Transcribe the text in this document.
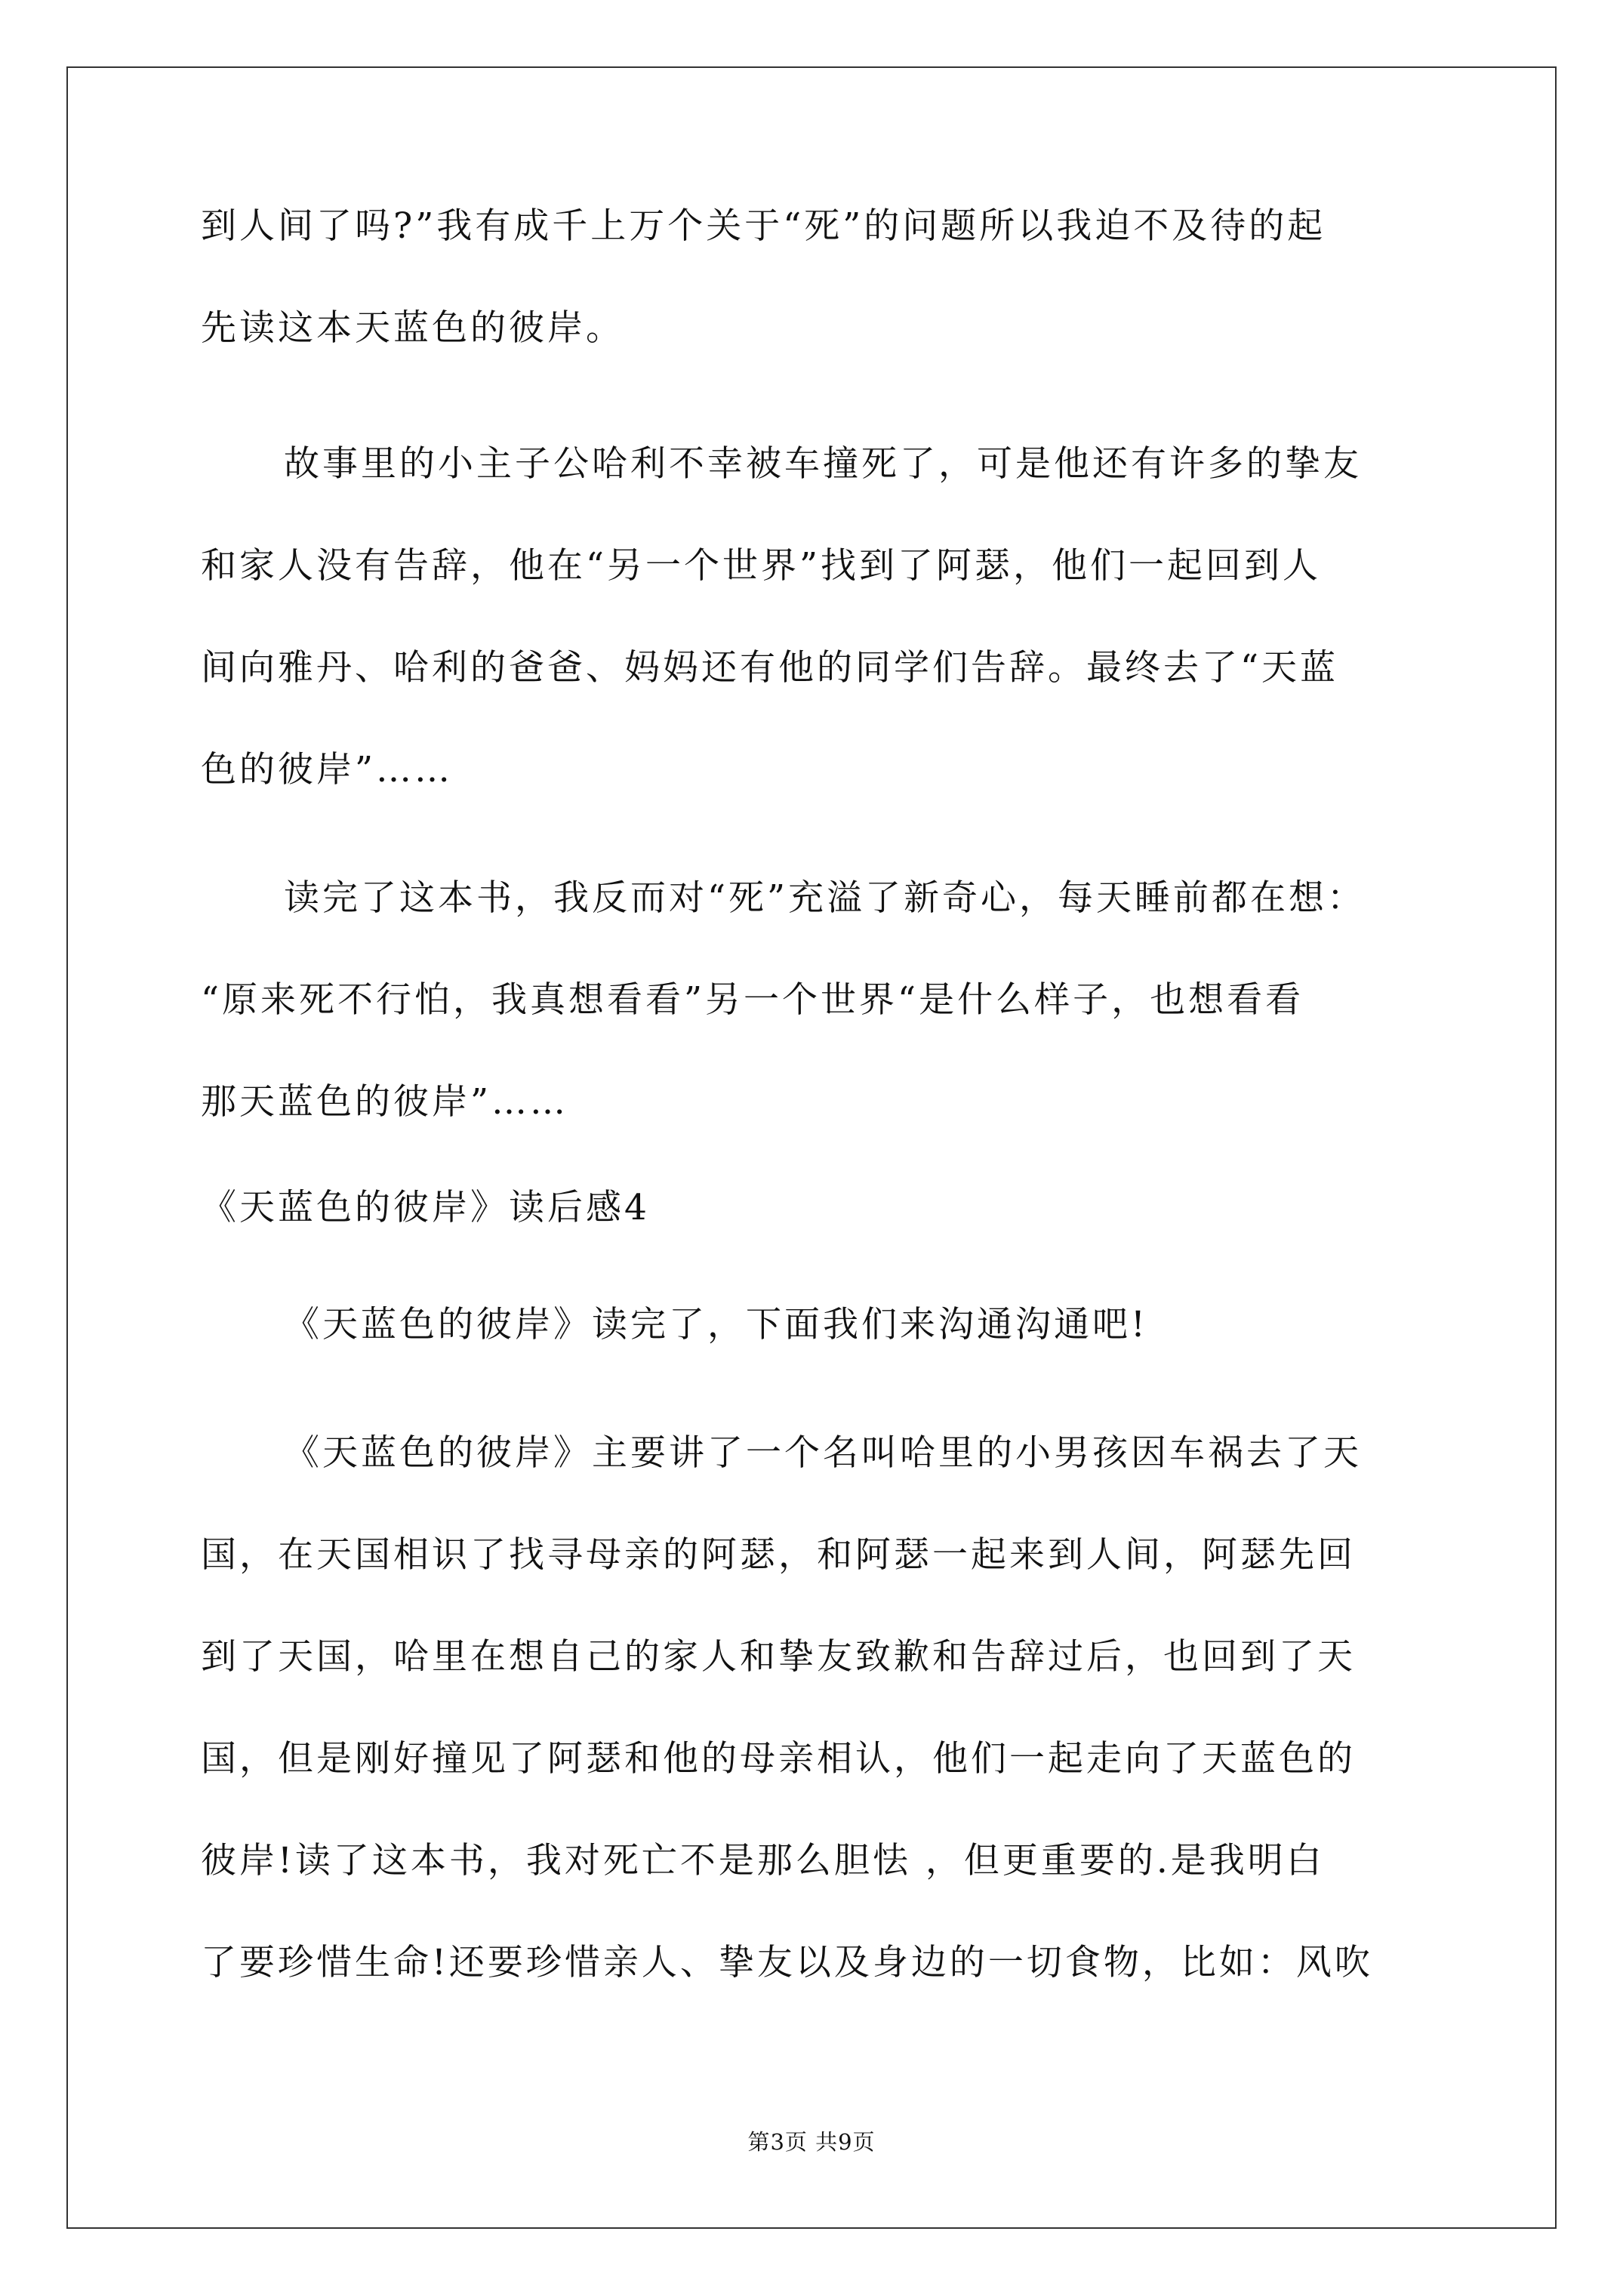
到人间了吗?”我有成千上万个关于“死”的问题所以我迫不及待的起
先读这本天蓝色的彼岸。
故事里的小主子公哈利不幸被车撞死了，可是他还有许多的挚友
和家人没有告辞，他在“另一个世界”找到了阿瑟，他们一起回到人
间向雅丹、哈利的爸爸、妈妈还有他的同学们告辞。最终去了“天蓝
色的彼岸”……
读完了这本书，我反而对“死”充溢了新奇心，每天睡前都在想：
“原来死不行怕，我真想看看”另一个世界“是什么样子，也想看看
那天蓝色的彼岸”……
《天蓝色的彼岸》读后感4
《天蓝色的彼岸》读完了，下面我们来沟通沟通吧!
《天蓝色的彼岸》主要讲了一个名叫哈里的小男孩因车祸去了天
国，在天国相识了找寻母亲的阿瑟，和阿瑟一起来到人间，阿瑟先回
到了天国，哈里在想自己的家人和挚友致歉和告辞过后，也回到了天
国，但是刚好撞见了阿瑟和他的母亲相认，他们一起走向了天蓝色的
彼岸!读了这本书，我对死亡不是那么胆怯 ，但更重要的.是我明白
了要珍惜生命!还要珍惜亲人、挚友以及身边的一切食物，比如：风吹
第3页 共9页
